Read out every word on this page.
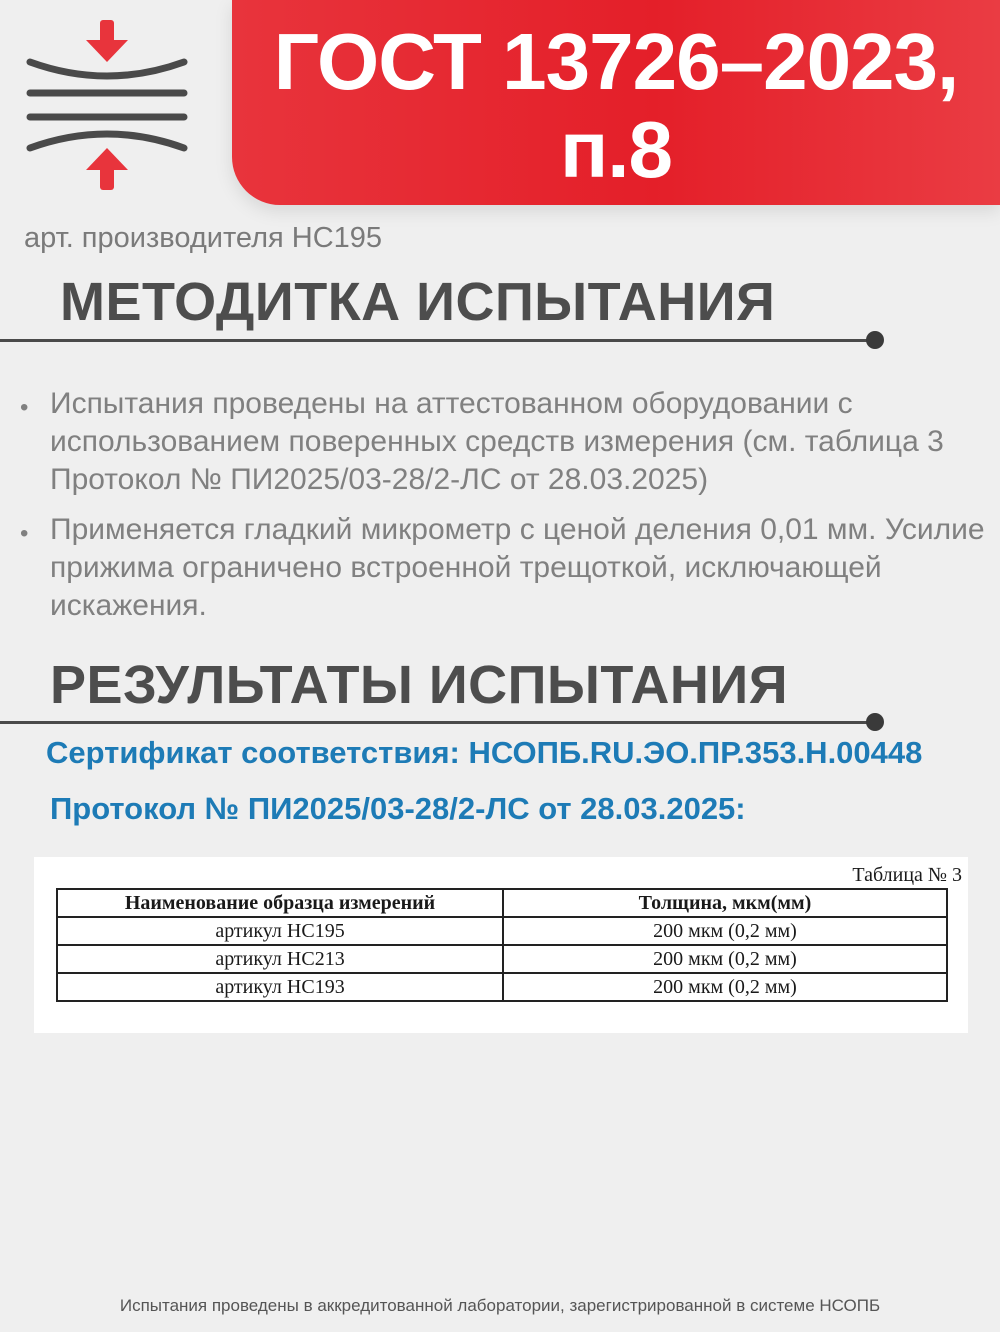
ГОСТ 13726–2023,
п.8

арт. производителя НС195

МЕТОДИТКА ИСПЫТАНИЯ
• Испытания проведены на аттестованном оборудовании с использованием поверенных средств измерения (см. таблица 3 Протокол № ПИ2025/03-28/2-ЛС от 28.03.2025)
• Применяется гладкий микрометр с ценой деления 0,01 мм. Усилие прижима ограничено встроенной трещоткой, исключающей искажения.
РЕЗУЛЬТАТЫ ИСПЫТАНИЯ

Сертификат соответствия: НСОПБ.RU.ЭО.ПР.353.Н.00448

Протокол № ПИ2025/03-28/2-ЛС от 28.03.2025:

Таблица № 3

Наименование образца измерений	Толщина, мкм(мм)
артикул НС195	200 мкм (0,2 мм)
артикул НС213	200 мкм (0,2 мм)
артикул НС193	200 мкм (0,2 мм)

Испытания проведены в аккредитованной лаборатории, зарегистрированной в системе НСОПБ
